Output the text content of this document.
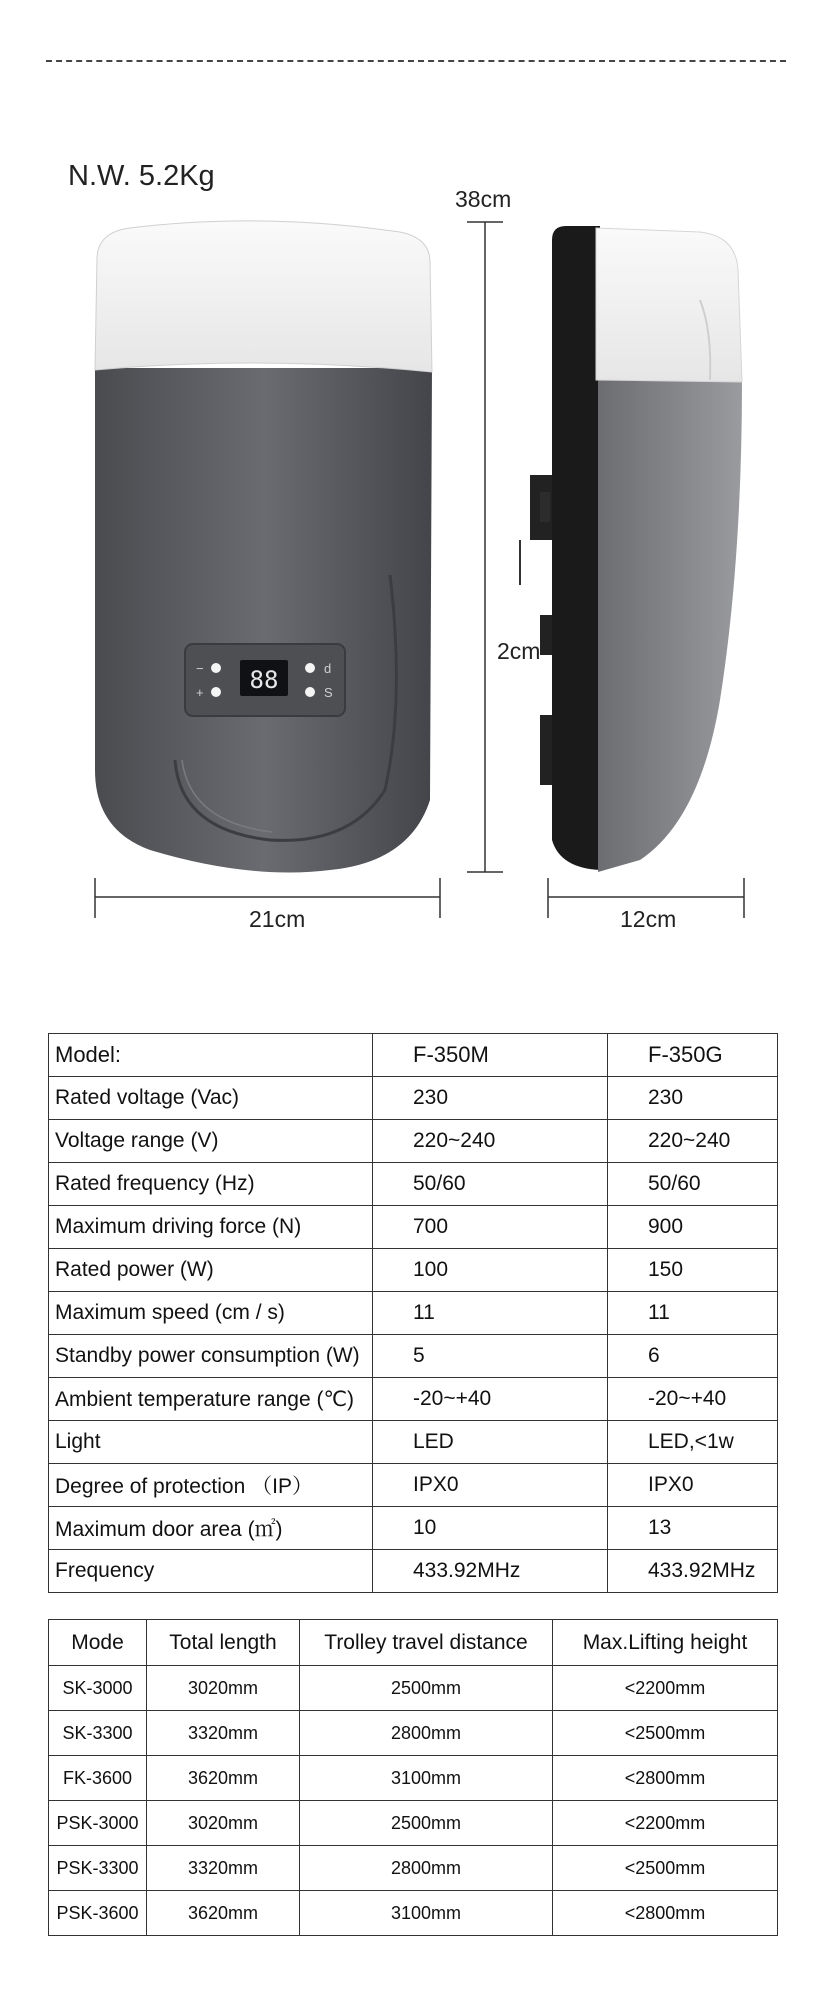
N.W. 5.2Kg
38cm
2cm
21cm	12cm
88
−
+
d
S
Model:	F-350M	F-350G
Rated voltage (Vac)	230	230
Voltage range (V)	220~240	220~240
Rated frequency (Hz)	50/60	50/60
Maximum driving force (N)	700	900
Rated power (W)	100	150
Maximum speed (cm / s)	11	11
Standby power consumption (W)	5	6
Ambient temperature range (℃)	-20~+40	-20~+40
Light	LED	LED,<1w
Degree of protection （IP）	IPX0	IPX0
Maximum door area (㎡)	10	13
Frequency	433.92MHz	433.92MHz
Mode	Total length	Trolley travel distance	Max.Lifting height
SK-3000	3020mm	2500mm	<2200mm
SK-3300	3320mm	2800mm	<2500mm
FK-3600	3620mm	3100mm	<2800mm
PSK-3000	3020mm	2500mm	<2200mm
PSK-3300	3320mm	2800mm	<2500mm
PSK-3600	3620mm	3100mm	<2800mm
